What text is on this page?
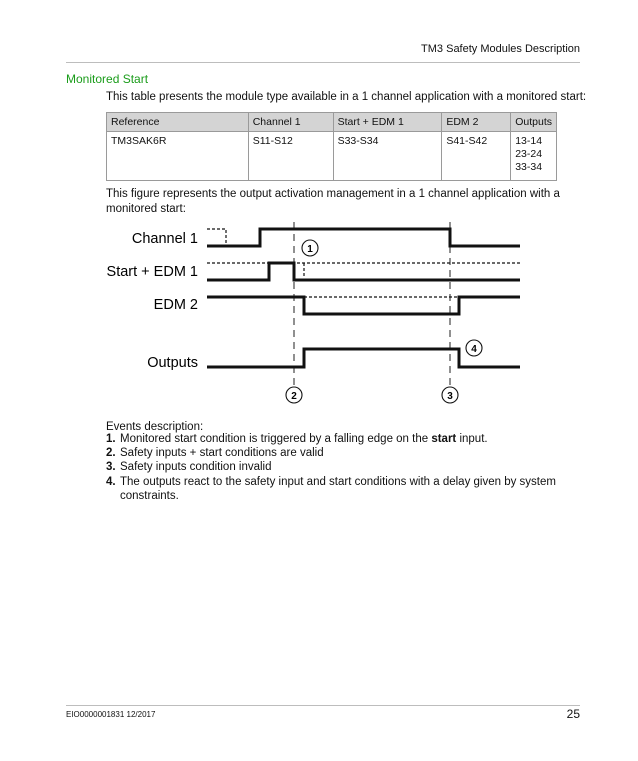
TM3 Safety Modules Description
Monitored Start
This table presents the module type available in a 1 channel application with a monitored start:
Reference	Channel 1	Start + EDM 1	EDM 2	Outputs
TM3SAK6R	S11-S12	S33-S34	S41-S42	13-14
23-24
33-34
This figure represents the output activation management in a 1 channel application with a monitored start:
Channel 1
Start + EDM 1
EDM 2
Outputs
1
2	3
4
Events description:
1. Monitored start condition is triggered by a falling edge on the start input.
2. Safety inputs + start conditions are valid
3. Safety inputs condition invalid
4. The outputs react to the safety input and start conditions with a delay given by system constraints.
EIO0000001831 12/2017	25
